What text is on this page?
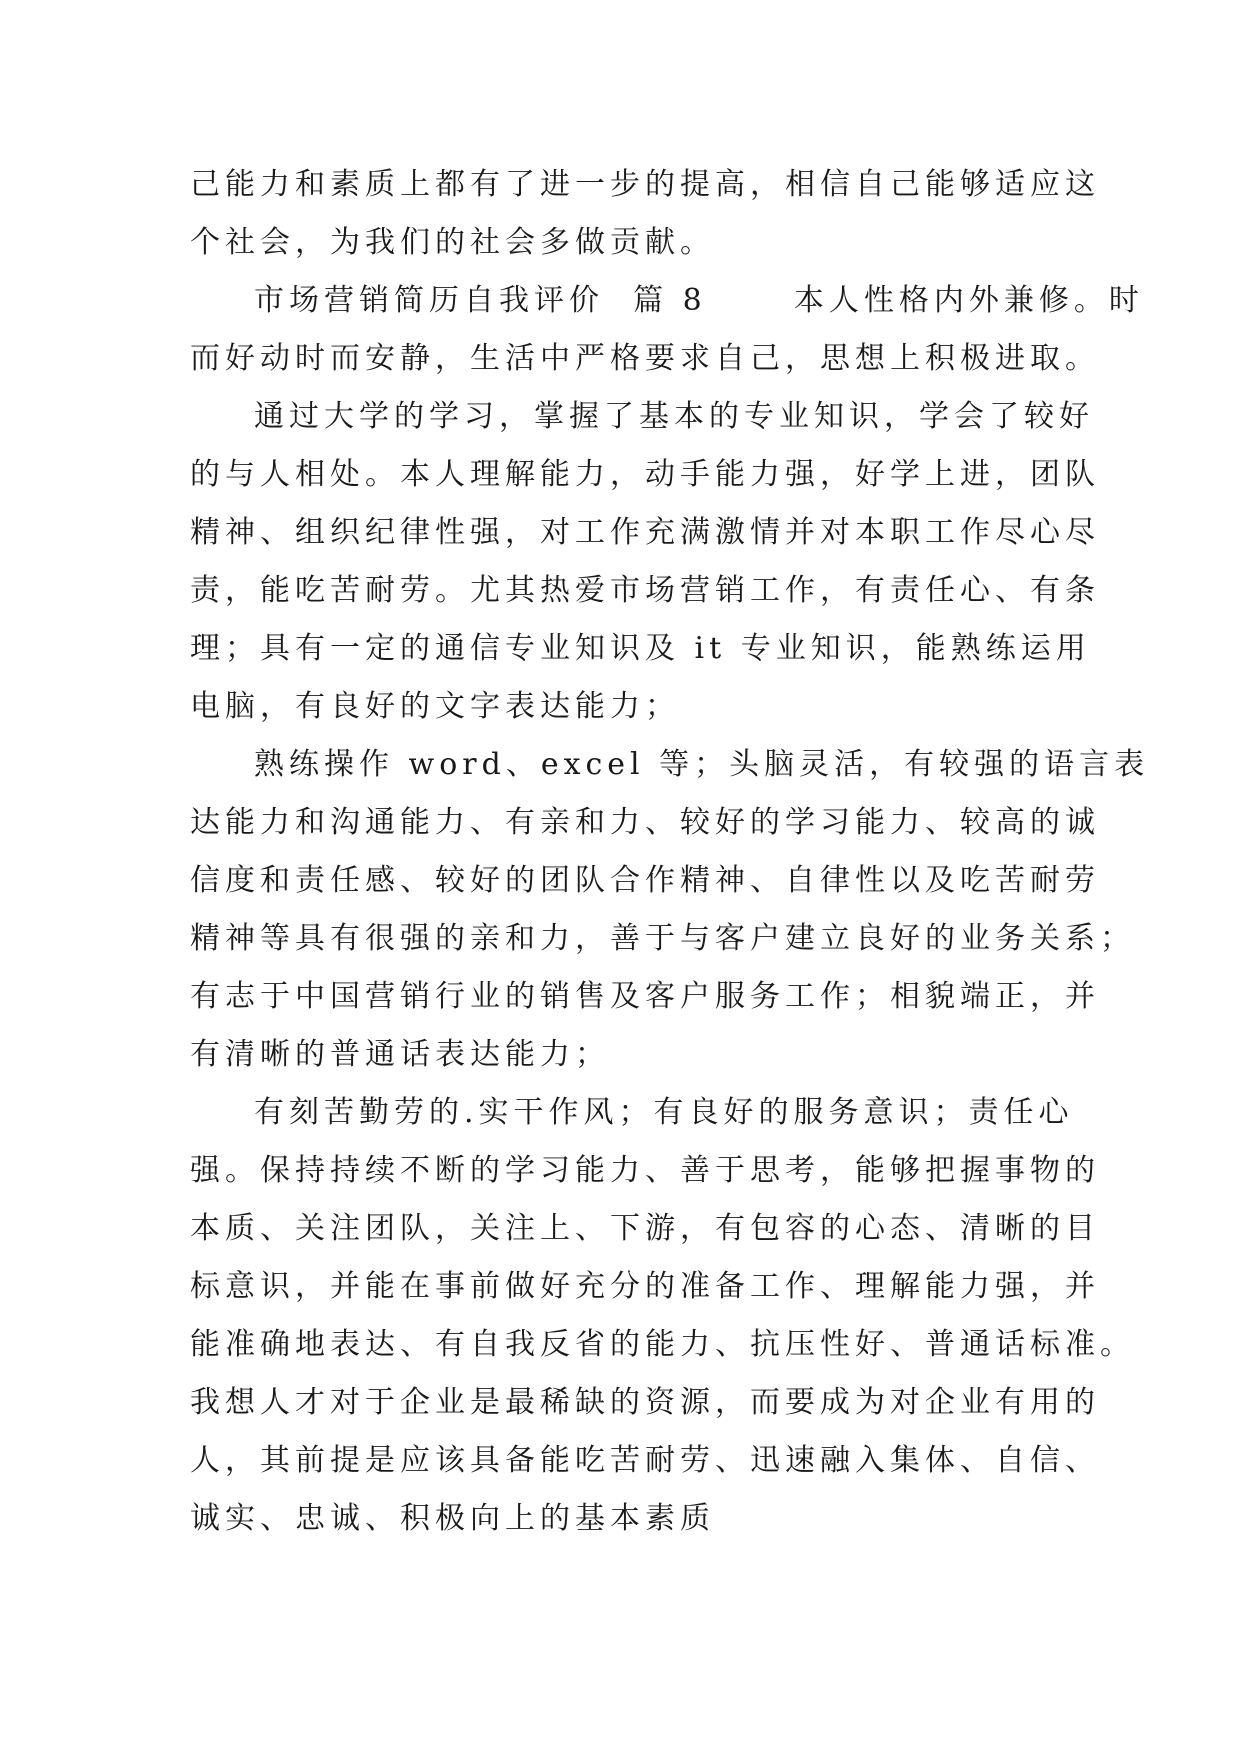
己能力和素质上都有了进一步的提高，相信自己能够适应这
个社会，为我们的社会多做贡献。
市场营销简历自我评价  篇 8      本人性格内外兼修。时
而好动时而安静，生活中严格要求自己，思想上积极进取。
通过大学的学习，掌握了基本的专业知识，学会了较好
的与人相处。本人理解能力，动手能力强，好学上进，团队
精神、组织纪律性强，对工作充满激情并对本职工作尽心尽
责，能吃苦耐劳。尤其热爱市场营销工作，有责任心、有条
理；具有一定的通信专业知识及 it 专业知识，能熟练运用
电脑，有良好的文字表达能力；
熟练操作 word、excel 等；头脑灵活，有较强的语言表
达能力和沟通能力、有亲和力、较好的学习能力、较高的诚
信度和责任感、较好的团队合作精神、自律性以及吃苦耐劳
精神等具有很强的亲和力，善于与客户建立良好的业务关系；
有志于中国营销行业的销售及客户服务工作；相貌端正，并
有清晰的普通话表达能力；
有刻苦勤劳的.实干作风；有良好的服务意识；责任心
强。保持持续不断的学习能力、善于思考，能够把握事物的
本质、关注团队，关注上、下游，有包容的心态、清晰的目
标意识，并能在事前做好充分的准备工作、理解能力强，并
能准确地表达、有自我反省的能力、抗压性好、普通话标准。
我想人才对于企业是最稀缺的资源，而要成为对企业有用的
人，其前提是应该具备能吃苦耐劳、迅速融入集体、自信、
诚实、忠诚、积极向上的基本素质
